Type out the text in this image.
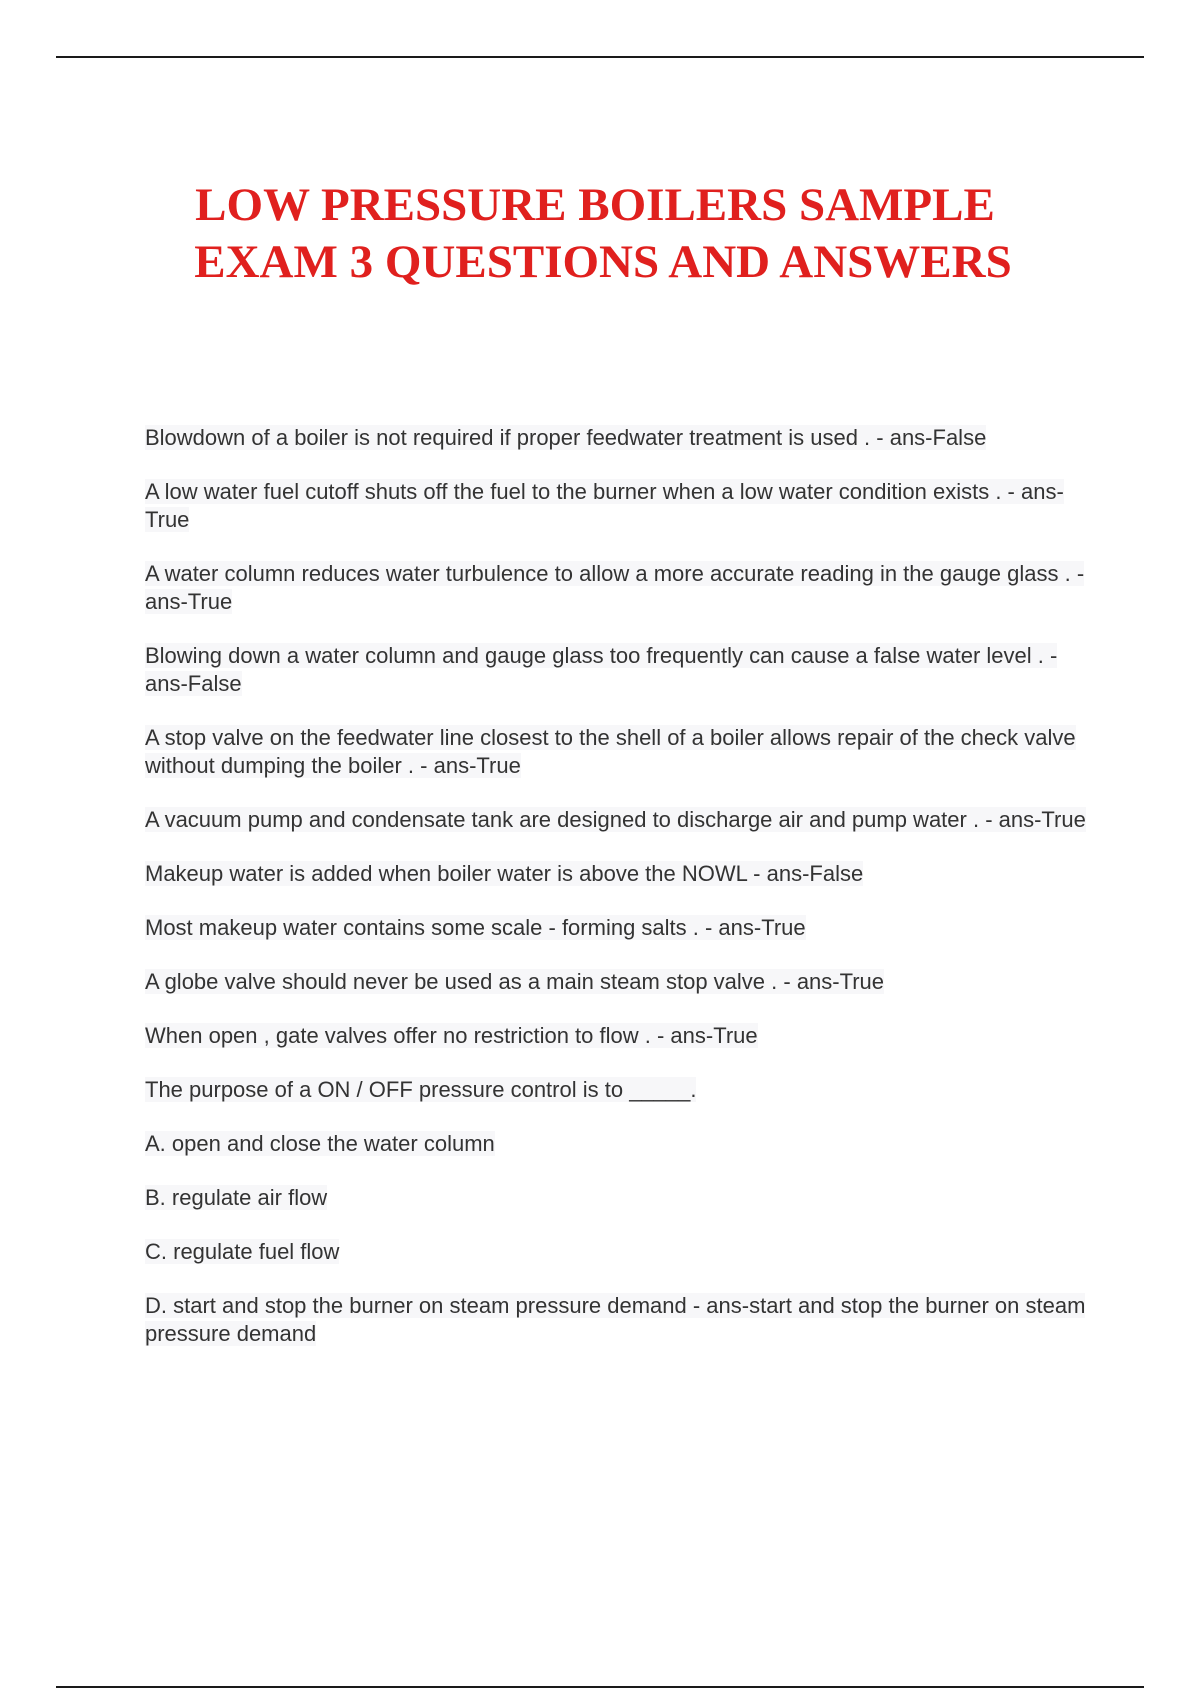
LOW PRESSURE BOILERS SAMPLE
EXAM 3 QUESTIONS AND ANSWERS
Blowdown of a boiler is not required if proper feedwater treatment is used . - ans-False
A low water fuel cutoff shuts off the fuel to the burner when a low water condition exists . - ans-True
A water column reduces water turbulence to allow a more accurate reading in the gauge glass . - ans-True
Blowing down a water column and gauge glass too frequently can cause a false water level . - ans-False
A stop valve on the feedwater line closest to the shell of a boiler allows repair of the check valve without dumping the boiler . - ans-True
A vacuum pump and condensate tank are designed to discharge air and pump water . - ans-True
Makeup water is added when boiler water is above the NOWL - ans-False
Most makeup water contains some scale - forming salts . - ans-True
A globe valve should never be used as a main steam stop valve . - ans-True
When open , gate valves offer no restriction to flow . - ans-True
The purpose of a ON / OFF pressure control is to _____.
A. open and close the water column
B. regulate air flow
C. regulate fuel flow
D. start and stop the burner on steam pressure demand - ans-start and stop the burner on steam pressure demand
